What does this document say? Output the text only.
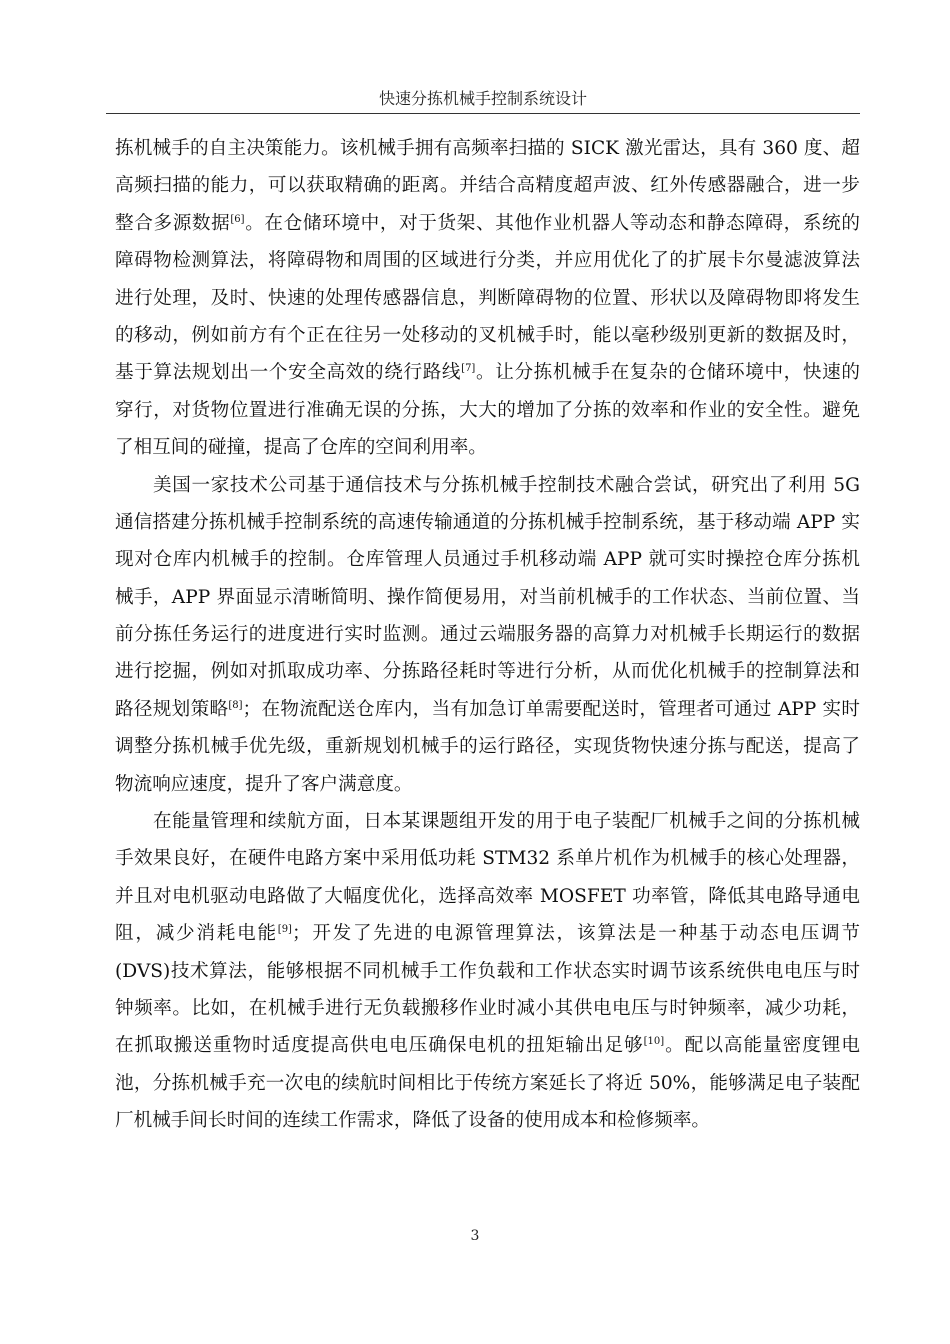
快速分拣机械手控制系统设计
拣机械手的自主决策能力。该机械手拥有高频率扫描的 SICK 激光雷达，具有 360 度、超
高频扫描的能力，可以获取精确的距离。并结合高精度超声波、红外传感器融合，进一步
整合多源数据[6]。在仓储环境中，对于货架、其他作业机器人等动态和静态障碍，系统的
障碍物检测算法，将障碍物和周围的区域进行分类，并应用优化了的扩展卡尔曼滤波算法
进行处理，及时、快速的处理传感器信息，判断障碍物的位置、形状以及障碍物即将发生
的移动，例如前方有个正在往另一处移动的叉机械手时，能以毫秒级别更新的数据及时，
基于算法规划出一个安全高效的绕行路线[7]。让分拣机械手在复杂的仓储环境中，快速的
穿行，对货物位置进行准确无误的分拣，大大的增加了分拣的效率和作业的安全性。避免
了相互间的碰撞，提高了仓库的空间利用率。
美国一家技术公司基于通信技术与分拣机械手控制技术融合尝试，研究出了利用 5G
通信搭建分拣机械手控制系统的高速传输通道的分拣机械手控制系统，基于移动端 APP 实
现对仓库内机械手的控制。仓库管理人员通过手机移动端 APP 就可实时操控仓库分拣机
械手，APP 界面显示清晰简明、操作简便易用，对当前机械手的工作状态、当前位置、当
前分拣任务运行的进度进行实时监测。通过云端服务器的高算力对机械手长期运行的数据
进行挖掘，例如对抓取成功率、分拣路径耗时等进行分析，从而优化机械手的控制算法和
路径规划策略[8]；在物流配送仓库内，当有加急订单需要配送时，管理者可通过 APP 实时
调整分拣机械手优先级，重新规划机械手的运行路径，实现货物快速分拣与配送，提高了
物流响应速度，提升了客户满意度。
在能量管理和续航方面，日本某课题组开发的用于电子装配厂机械手之间的分拣机械
手效果良好，在硬件电路方案中采用低功耗 STM32 系单片机作为机械手的核心处理器，
并且对电机驱动电路做了大幅度优化，选择高效率 MOSFET 功率管，降低其电路导通电
阻，减少消耗电能[9]；开发了先进的电源管理算法，该算法是一种基于动态电压调节
(DVS)技术算法，能够根据不同机械手工作负载和工作状态实时调节该系统供电电压与时
钟频率。比如，在机械手进行无负载搬移作业时减小其供电电压与时钟频率，减少功耗，
在抓取搬送重物时适度提高供电电压确保电机的扭矩输出足够[10]。配以高能量密度锂电
池，分拣机械手充一次电的续航时间相比于传统方案延长了将近 50%，能够满足电子装配
厂机械手间长时间的连续工作需求，降低了设备的使用成本和检修频率。
3
